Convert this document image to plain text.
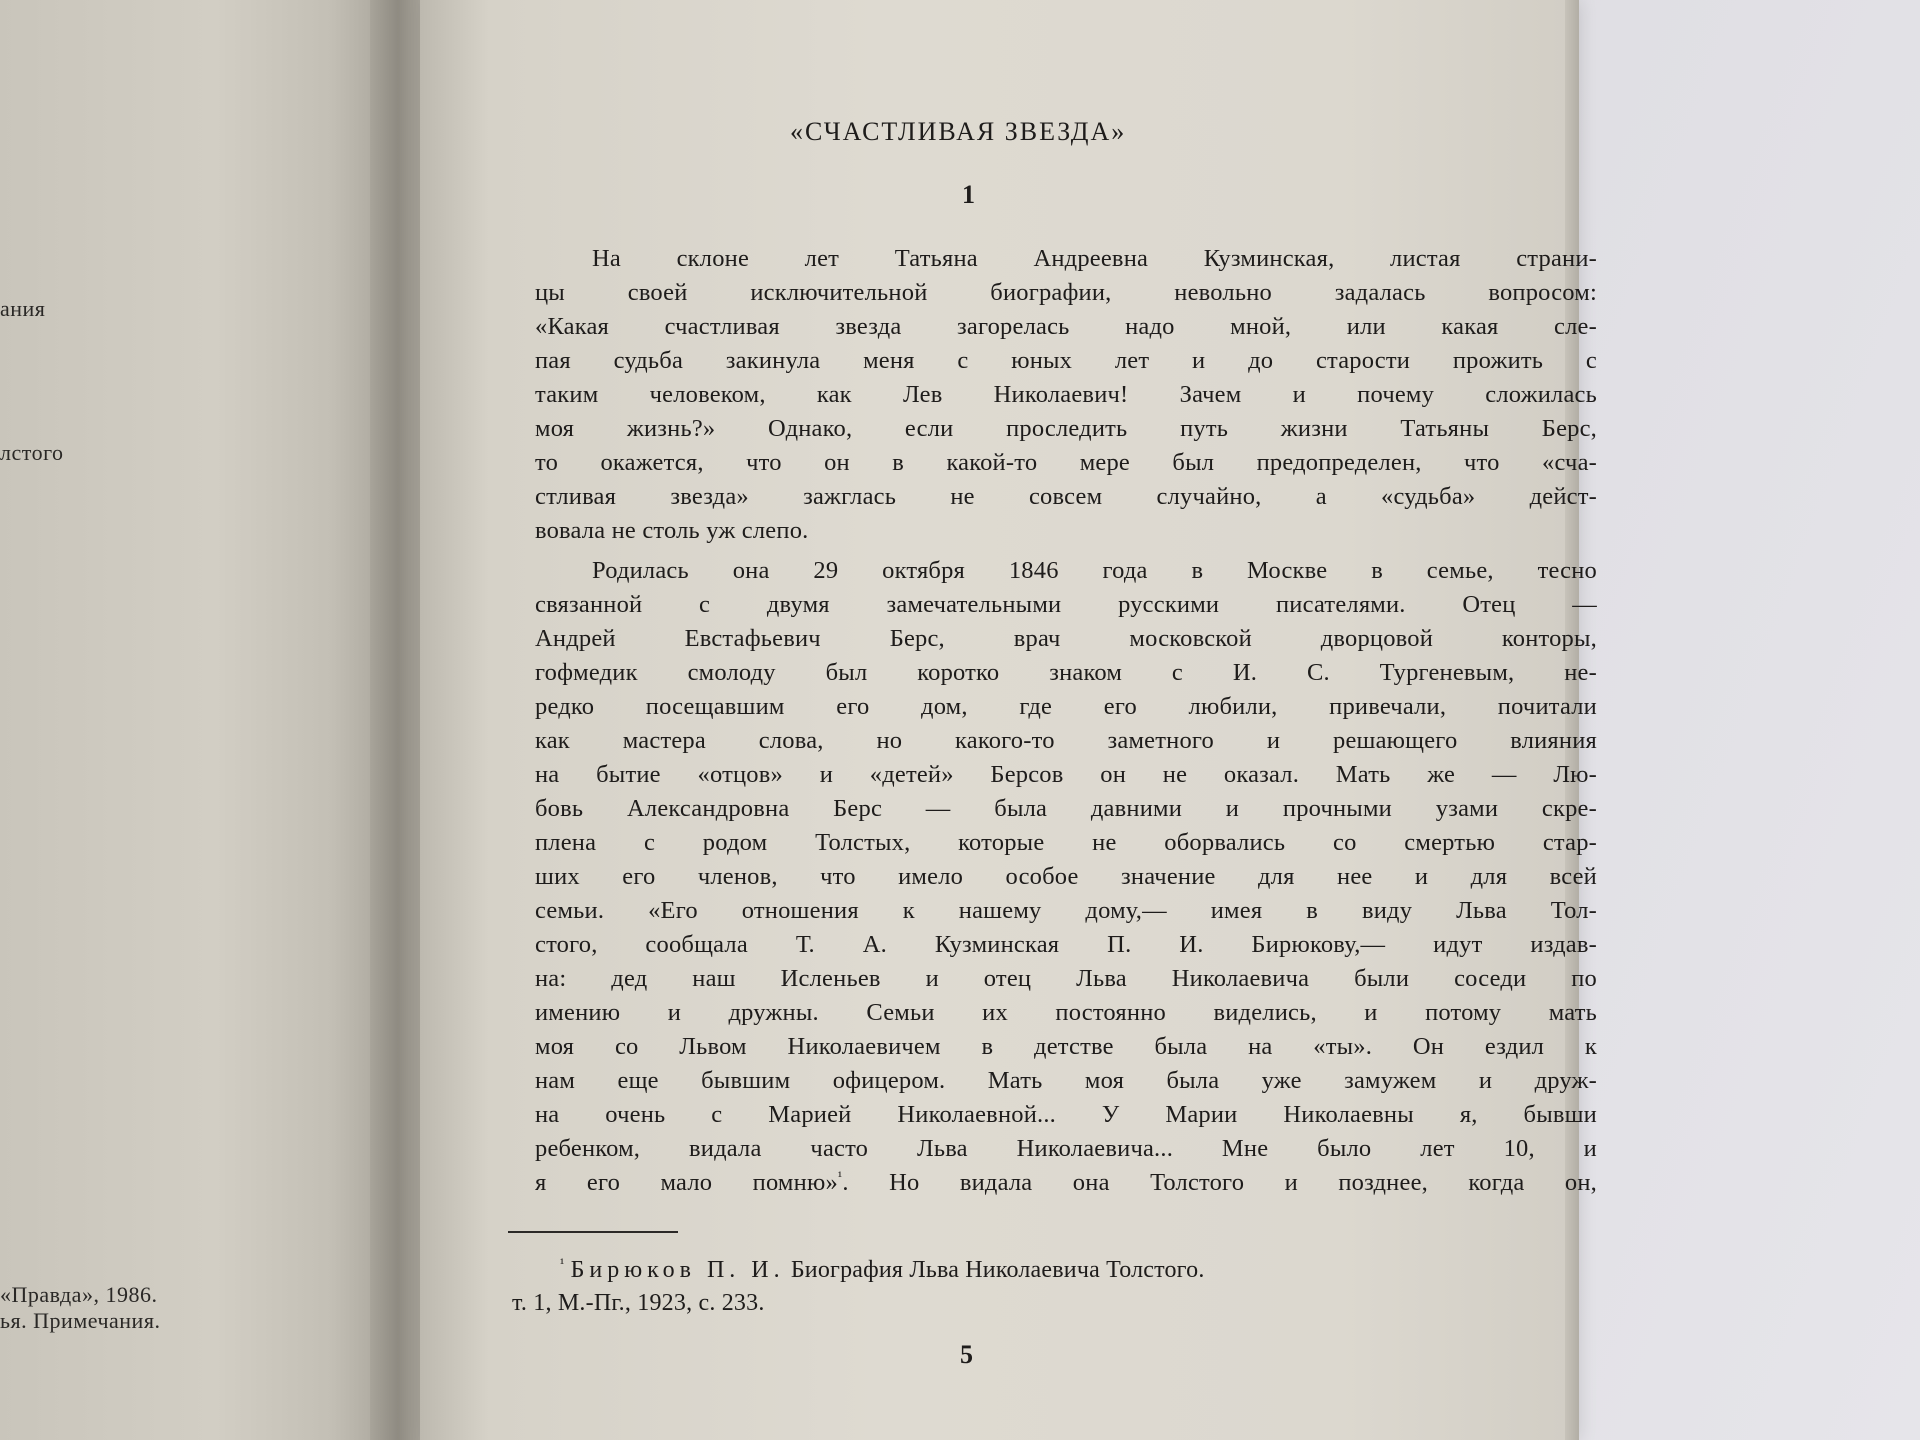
ания
лстого
«Правда», 1986.
ья. Примечания.
«СЧАСТЛИВАЯ ЗВЕЗДА»
1
На склоне лет Татьяна Андреевна Кузминская, листая страни-
цы своей исключительной биографии, невольно задалась вопросом:
«Какая счастливая звезда загорелась надо мной, или какая сле-
пая судьба закинула меня с юных лет и до старости прожить с
таким человеком, как Лев Николаевич! Зачем и почему сложилась
моя жизнь?» Однако, если проследить путь жизни Татьяны Берс,
то окажется, что он в какой-то мере был предопределен, что «сча-
стливая звезда» зажглась не совсем случайно, а «судьба» дейст-
вовала не столь уж слепо.
Родилась она 29 октября 1846 года в Москве в семье, тесно
связанной с двумя замечательными русскими писателями. Отец —
Андрей Евстафьевич Берс, врач московской дворцовой конторы,
гофмедик смолоду был коротко знаком с И. С. Тургеневым, не-
редко посещавшим его дом, где его любили, привечали, почитали
как мастера слова, но какого-то заметного и решающего влияния
на бытие «отцов» и «детей» Берсов он не оказал. Мать же — Лю-
бовь Александровна Берс — была давними и прочными узами скре-
плена с родом Толстых, которые не оборвались со смертью стар-
ших его членов, что имело особое значение для нее и для всей
семьи. «Его отношения к нашему дому,— имея в виду Льва Тол-
стого, сообщала Т. А. Кузминская П. И. Бирюкову,— идут издав-
на: дед наш Исленьев и отец Льва Николаевича были соседи по
имению и дружны. Семьи их постоянно виделись, и потому мать
моя со Львом Николаевичем в детстве была на «ты». Он ездил к
нам еще бывшим офицером. Мать моя была уже замужем и друж-
на очень с Марией Николаевной... У Марии Николаевны я, бывши
ребенком, видала часто Льва Николаевича... Мне было лет 10, и
я его мало помню»$^{^1}$. Но видала она Толстого и позднее, когда он,
$^{^1}$ Бирюков П. И. Биография Льва Николаевича Толстого.
т. 1, М.-Пг., 1923, с. 233.
5
